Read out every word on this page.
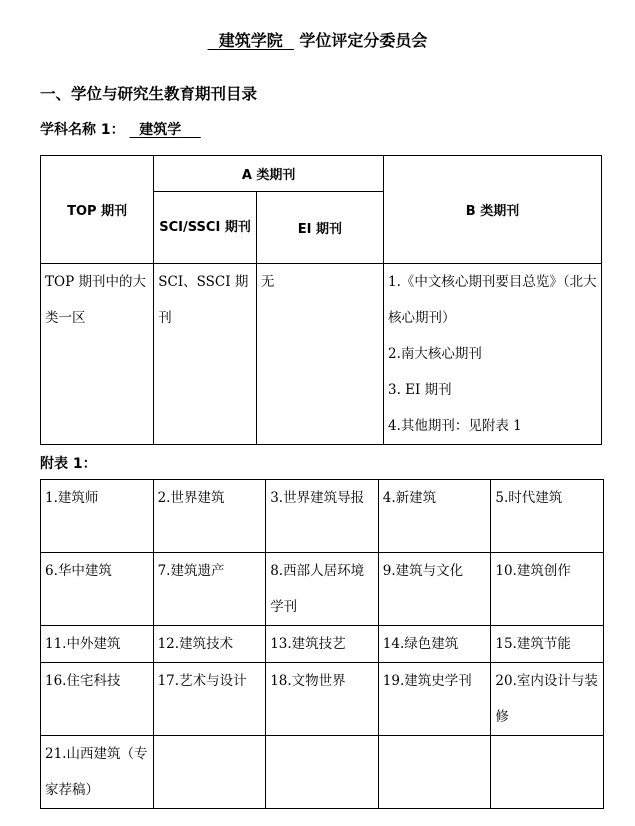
建筑学院 学位评定分委员会
一、学位与研究生教育期刊目录
学科名称 1： 建筑学
TOP 期刊	A 类期刊		B 类期刊
	SCI/SSCI 期刊	EI 期刊	
TOP 期刊中的大类一区	SCI、SSCI 期刊	无	1.《中文核心期刊要目总览》（北大核心期刊）
2.南大核心期刊
3. EI 期刊
4.其他期刊：见附表 1
附表 1：
1.建筑师	2.世界建筑	3.世界建筑导报	4.新建筑	5.时代建筑
6.华中建筑	7.建筑遗产	8.西部人居环境学刊	9.建筑与文化	10.建筑创作
11.中外建筑	12.建筑技术	13.建筑技艺	14.绿色建筑	15.建筑节能
16.住宅科技	17.艺术与设计	18.文物世界	19.建筑史学刊	20.室内设计与装修
21.山西建筑（专家荐稿）				
